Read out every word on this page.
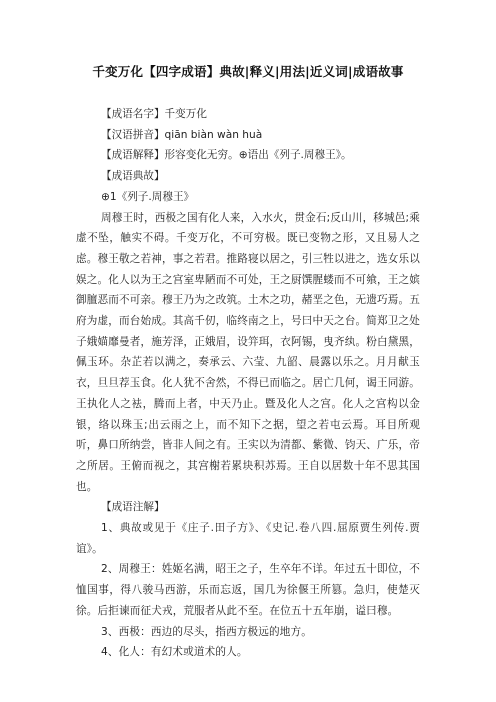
千变万化【四字成语】典故|释义|用法|近义词|成语故事
【成语名字】千变万化
【汉语拼音】qiān biàn wàn huà
【成语解释】形容变化无穷。⊕语出《列子.周穆王》。
【成语典故】
⊕1《列子.周穆王》

周穆王时，西极之国有化人来，入水火，贯金石;反山川，移城邑;乘虚不坠，触实不碍。千变万化，不可穷极。既已变物之形，又且易人之虑。穆王敬之若神，事之若君。推路寝以居之，引三牲以进之，选女乐以娱之。化人以为王之宫室卑陋而不可处，王之厨馔腥蝼而不可飨，王之嫔御膻恶而不可亲。穆王乃为之改筑。土木之功，赭垩之色，无遗巧焉。五府为虚，而台始成。其高千仞，临终南之上，号曰中天之台。简郑卫之处子娥媌靡曼者，施芳泽，正娥眉，设笄珥，衣阿锡，曳齐纨。粉白黛黑，佩玉环。杂芷若以满之，奏承云、六莹、九韶、晨露以乐之。月月献玉衣，旦旦荐玉食。化人犹不舍然，不得已而临之。居亡几何，谒王同游。王执化人之袪，腾而上者，中天乃止。暨及化人之宫。化人之宫构以金银，络以珠玉;出云雨之上，而不知下之据，望之若屯云焉。耳目所观听，鼻口所纳尝，皆非人间之有。王实以为清都、紫微、钧天、广乐，帝之所居。王俯而视之，其宫榭若累块积苏焉。王自以居数十年不思其国也。

【成语注解】

1、典故或见于《庄子.田子方》、《史记.卷八四.屈原贾生列传.贾谊》。

2、周穆王：姓姬名满，昭王之子，生卒年不详。年过五十即位，不恤国事，得八骏马西游，乐而忘返，国几为徐偃王所篡。急归，使楚灭徐。后拒谏而征犬戎，荒服者从此不至。在位五十五年崩，谥曰穆。

3、西极：西边的尽头，指西方极远的地方。

4、化人：有幻术或道术的人。
